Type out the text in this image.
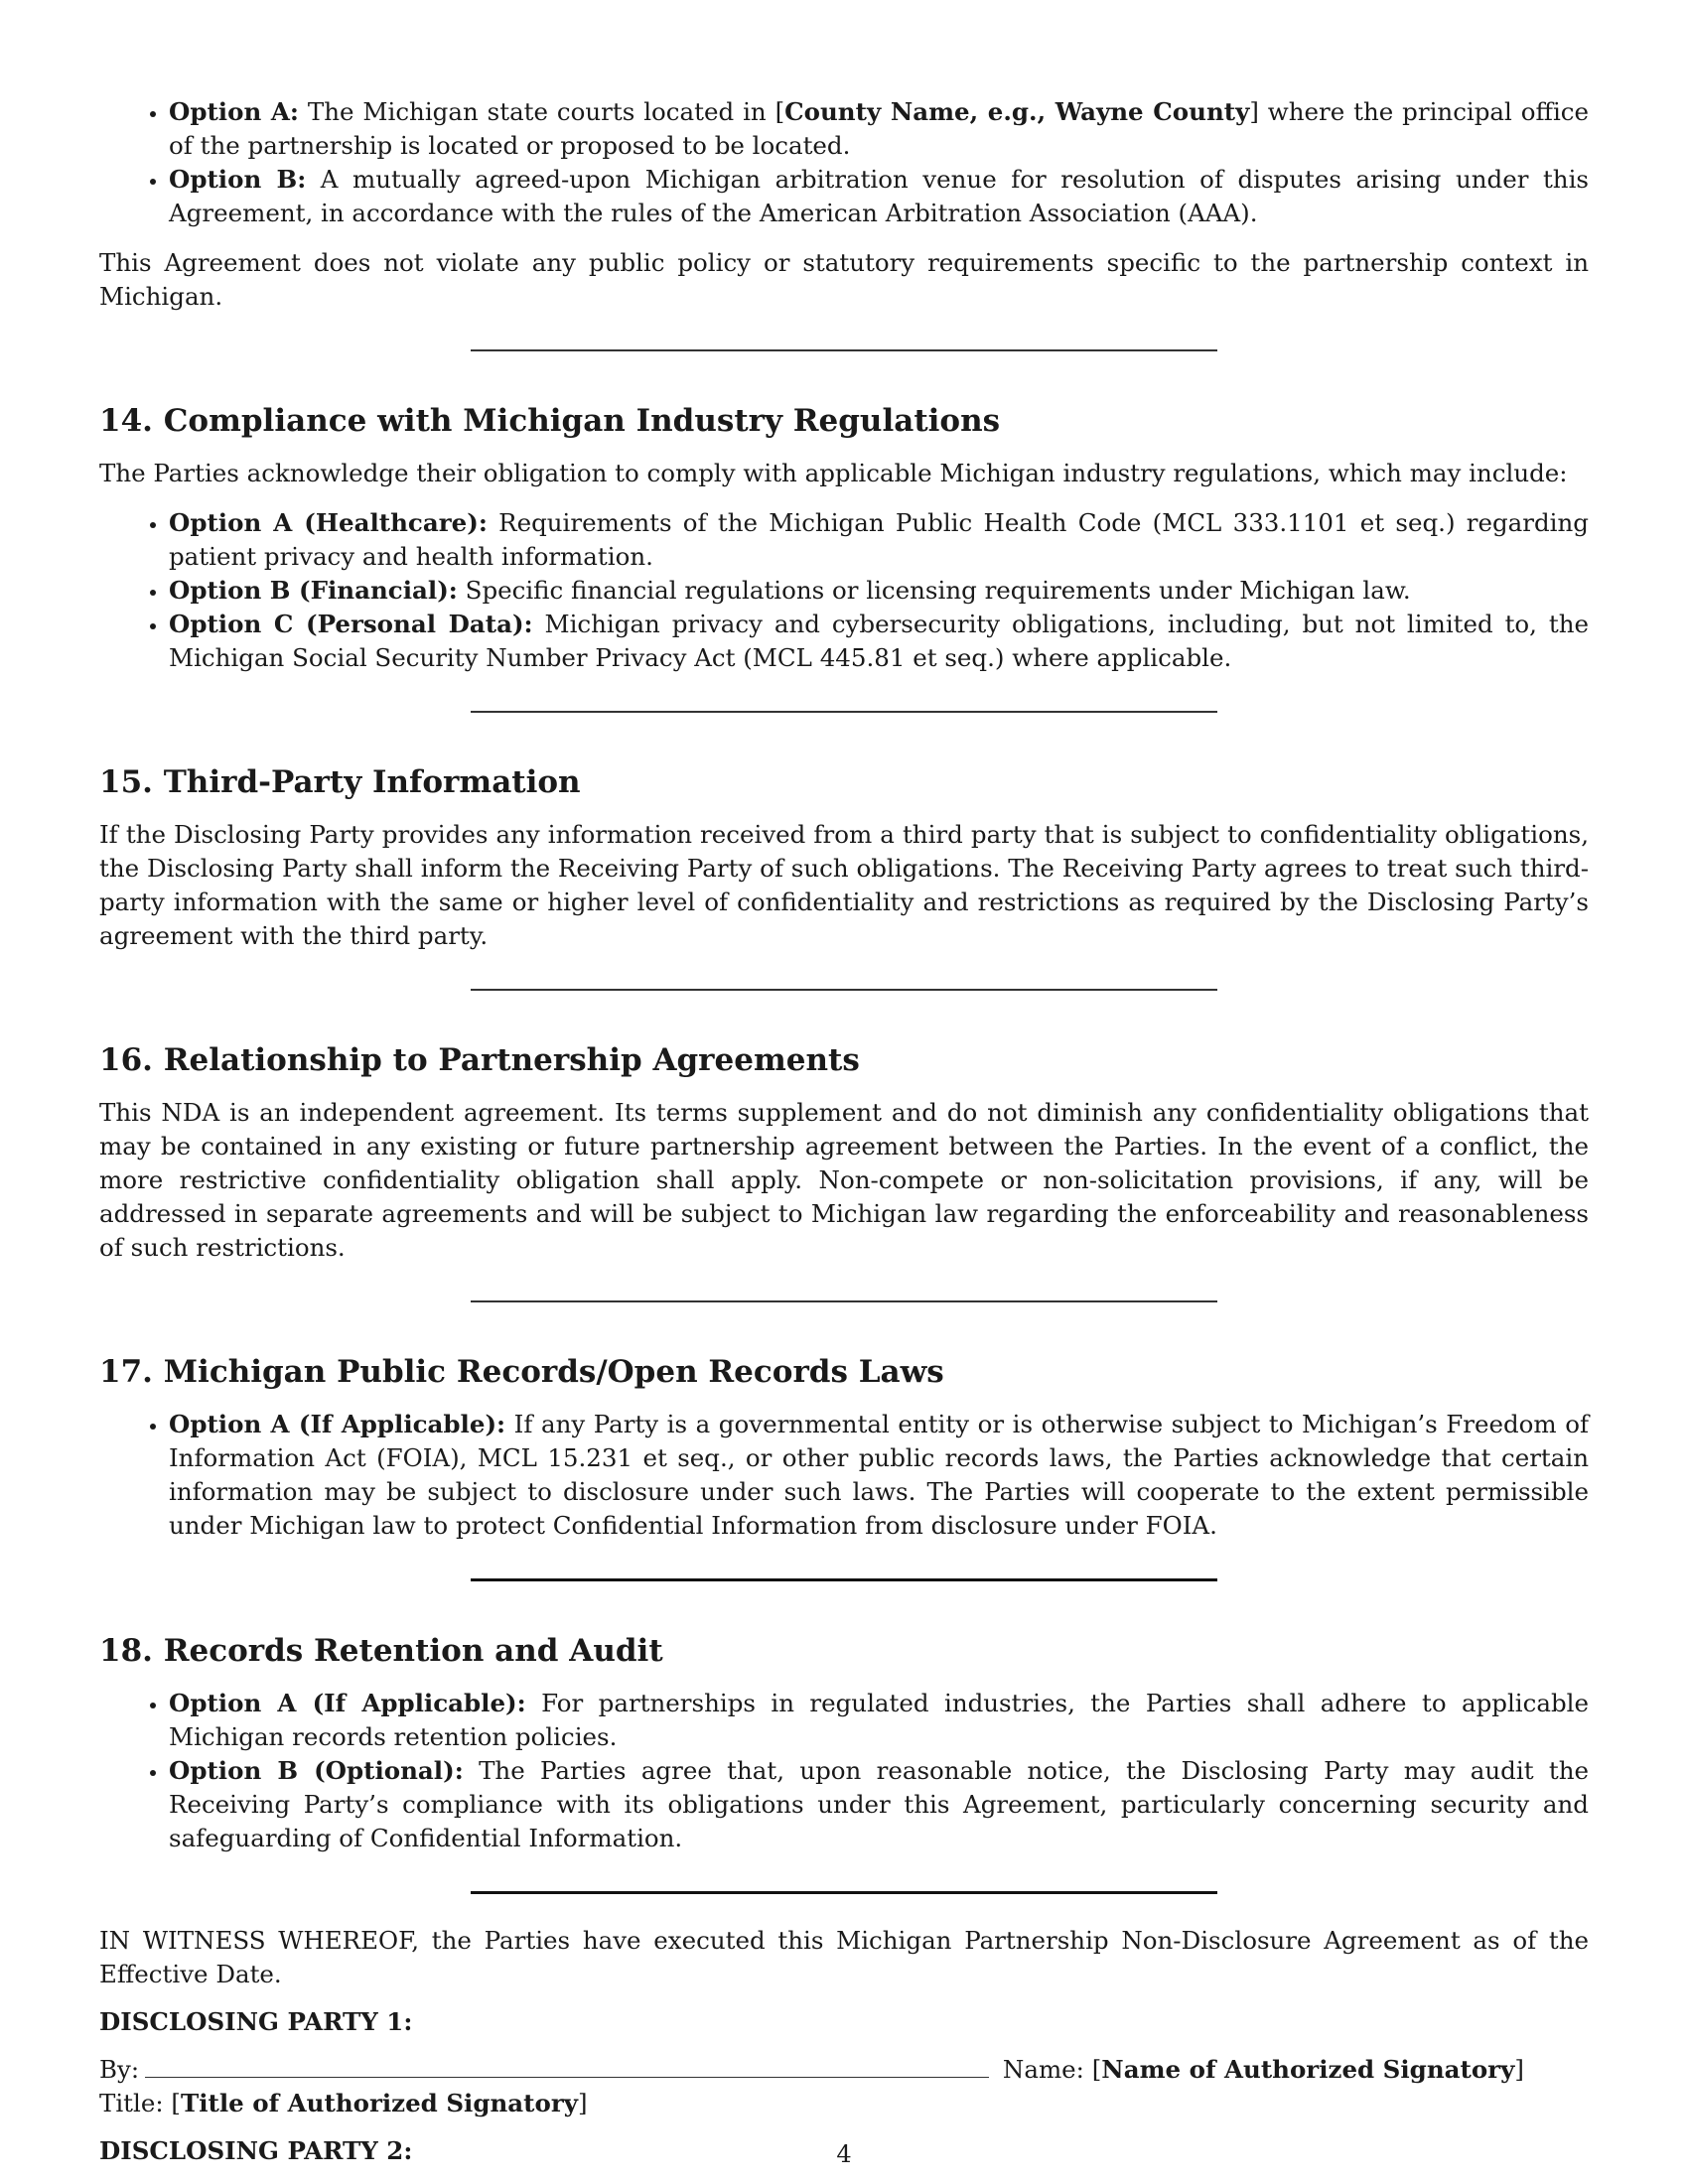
• Option A: The Michigan state courts located in [County Name, e.g., Wayne County] where the principal office of the partnership is located or proposed to be located.
• Option B: A mutually agreed-upon Michigan arbitration venue for resolution of disputes arising under this Agreement, in accordance with the rules of the American Arbitration Association (AAA).

This Agreement does not violate any public policy or statutory requirements specific to the partnership context in Michigan.

14. Compliance with Michigan Industry Regulations

The Parties acknowledge their obligation to comply with applicable Michigan industry regulations, which may include:

• Option A (Healthcare): Requirements of the Michigan Public Health Code (MCL 333.1101 et seq.) regarding patient privacy and health information.
• Option B (Financial): Specific financial regulations or licensing requirements under Michigan law.
• Option C (Personal Data): Michigan privacy and cybersecurity obligations, including, but not limited to, the Michigan Social Security Number Privacy Act (MCL 445.81 et seq.) where applicable.
15. Third-Party Information

If the Disclosing Party provides any information received from a third party that is subject to confidentiality obligations, the Disclosing Party shall inform the Receiving Party of such obligations. The Receiving Party agrees to treat such third-party information with the same or higher level of confidentiality and restrictions as required by the Disclosing Party’s agreement with the third party.

16. Relationship to Partnership Agreements

This NDA is an independent agreement. Its terms supplement and do not diminish any confidentiality obligations that may be contained in any existing or future partnership agreement between the Parties. In the event of a conflict, the more restrictive confidentiality obligation shall apply. Non-compete or non-solicitation provisions, if any, will be addressed in separate agreements and will be subject to Michigan law regarding the enforceability and reasonableness of such restrictions.

17. Michigan Public Records/Open Records Laws
• Option A (If Applicable): If any Party is a governmental entity or is otherwise subject to Michigan’s Freedom of Information Act (FOIA), MCL 15.231 et seq., or other public records laws, the Parties acknowledge that certain information may be subject to disclosure under such laws. The Parties will cooperate to the extent permissible under Michigan law to protect Confidential Information from disclosure under FOIA.
18. Records Retention and Audit
• Option A (If Applicable): For partnerships in regulated industries, the Parties shall adhere to applicable Michigan records retention policies.
• Option B (Optional): The Parties agree that, upon reasonable notice, the Disclosing Party may audit the Receiving Party’s compliance with its obligations under this Agreement, particularly concerning security and safeguarding of Confidential Information.

IN WITNESS WHEREOF, the Parties have executed this Michigan Partnership Non-Disclosure Agreement as of the Effective Date.

DISCLOSING PARTY 1:

By:	Name: [Name of Authorized Signatory] Title: [Title of Authorized Signatory]

DISCLOSING PARTY 2:	4
